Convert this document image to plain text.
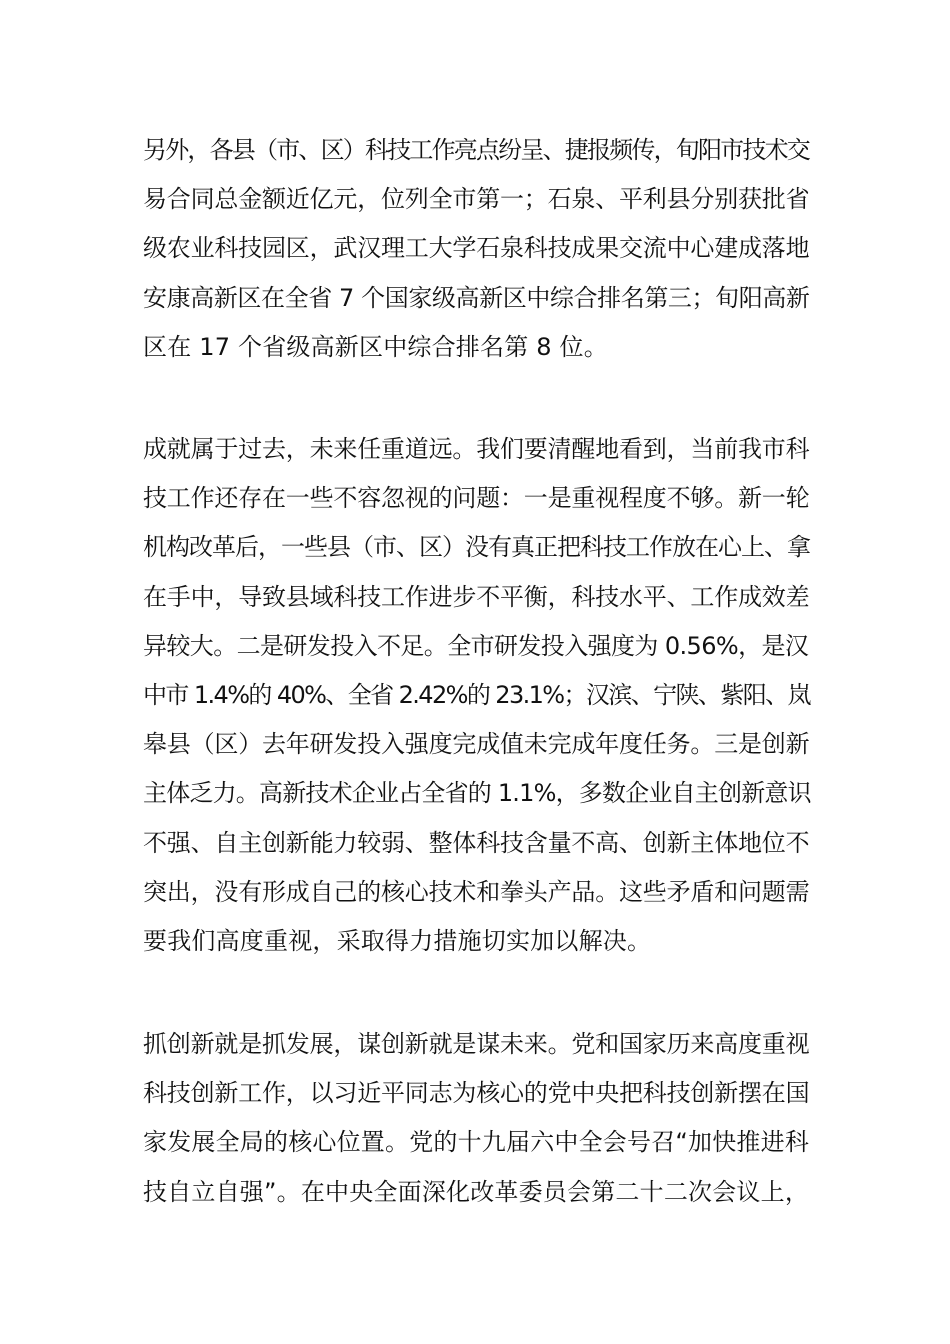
另外，各县（市、区）科技工作亮点纷呈、捷报频传，旬阳市技术交
易合同总金额近亿元，位列全市第一；石泉、平利县分别获批省
级农业科技园区，武汉理工大学石泉科技成果交流中心建成落地
安康高新区在全省 7 个国家级高新区中综合排名第三；旬阳高新
区在 17 个省级高新区中综合排名第 8 位。
成就属于过去，未来任重道远。我们要清醒地看到，当前我市科
技工作还存在一些不容忽视的问题：一是重视程度不够。新一轮
机构改革后，一些县（市、区）没有真正把科技工作放在心上、拿
在手中，导致县域科技工作进步不平衡，科技水平、工作成效差
异较大。二是研发投入不足。全市研发投入强度为 0.56%，是汉
中市 1.4%的 40%、全省 2.42%的 23.1%；汉滨、宁陕、紫阳、岚
皋县（区）去年研发投入强度完成值未完成年度任务。三是创新
主体乏力。高新技术企业占全省的 1.1%，多数企业自主创新意识
不强、自主创新能力较弱、整体科技含量不高、创新主体地位不
突出，没有形成自己的核心技术和拳头产品。这些矛盾和问题需
要我们高度重视，采取得力措施切实加以解决。
抓创新就是抓发展，谋创新就是谋未来。党和国家历来高度重视
科技创新工作，以习近平同志为核心的党中央把科技创新摆在国
家发展全局的核心位置。党的十九届六中全会号召“加快推进科
技自立自强”。在中央全面深化改革委员会第二十二次会议上，
